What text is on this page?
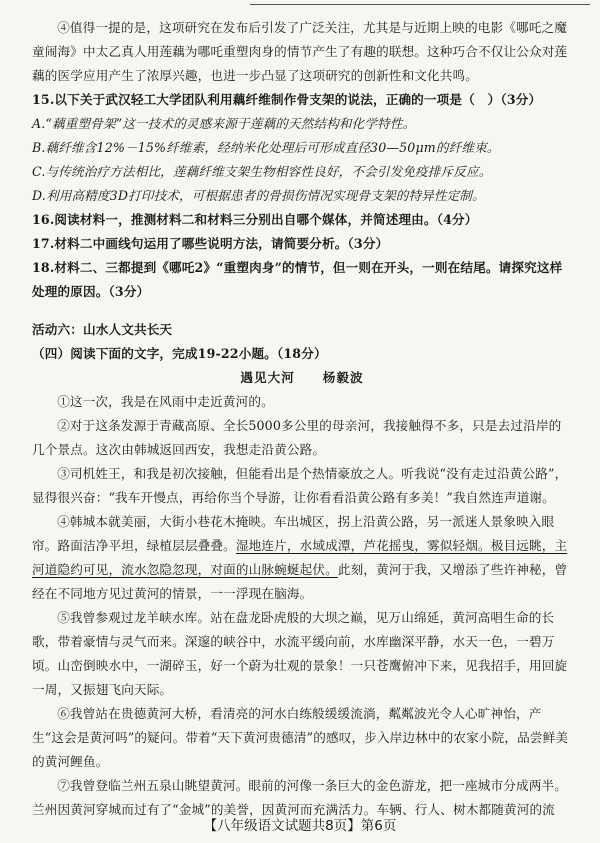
④值得一提的是，这项研究在发布后引发了广泛关注，尤其是与近期上映的电影《哪吒之魔童闹海》中太乙真人用莲藕为哪吒重塑肉身的情节产生了有趣的联想。这种巧合不仅让公众对莲藕的医学应用产生了浓厚兴趣，也进一步凸显了这项研究的创新性和文化共鸣。

15.以下关于武汉轻工大学团队利用藕纤维制作骨支架的说法，正确的一项是（　）（3分）

A.“藕重塑骨架”这一技术的灵感来源于莲藕的天然结构和化学特性。

B.藕纤维含12%－15%纤维素，经纳米化处理后可形成直径30—50μm的纤维束。

C.与传统治疗方法相比，莲藕纤维支架生物相容性良好，不会引发免疫排斥反应。

D.利用高精度3D打印技术，可根据患者的骨损伤情况实现骨支架的特异性定制。

16.阅读材料一，推测材料二和材料三分别出自哪个媒体，并简述理由。（4分）

17.材料二中画线句运用了哪些说明方法，请简要分析。（3分）

18.材料二、三都提到《哪吒2》“重塑肉身”的情节，但一则在开头，一则在结尾。请探究这样处理的原因。（3分）

活动六：山水人文共长天

（四）阅读下面的文字，完成19-22小题。（18分）

遇见大河 杨毅波

①这一次，我是在风雨中走近黄河的。

②对于这条发源于青藏高原、全长5000多公里的母亲河，我接触得不多，只是去过沿岸的几个景点。这次由韩城返回西安，我想走沿黄公路。

③司机姓王，和我是初次接触，但能看出是个热情豪放之人。听我说“没有走过沿黄公路”，显得很兴奋：“我车开慢点，再给你当个导游，让你看看沿黄公路有多美！”我自然连声道谢。

④韩城本就美丽，大街小巷花木掩映。车出城区，拐上沿黄公路，另一派迷人景象映入眼帘。路面洁净平坦，绿植层层叠叠。湿地连片，水域成潭，芦花摇曳，雾似轻烟。极目远眺，主河道隐约可见，流水忽隐忽现，对面的山脉蜿蜒起伏。此刻，黄河于我，又增添了些许神秘，曾经在不同地方见过黄河的情景，一一浮现在脑海。

⑤我曾参观过龙羊峡水库。站在盘龙卧虎般的大坝之巅，见万山绵延，黄河高唱生命的长歌，带着豪情与灵气而来。深邃的峡谷中，水流平缓向前，水库幽深平静，水天一色，一碧万顷。山峦倒映水中，一湖碎玉，好一个蔚为壮观的景象！一只苍鹰俯冲下来，见我招手，用回旋一周，又振翅飞向天际。

⑥我曾站在贵德黄河大桥，看清亮的河水白练般缓缓流淌，粼粼波光令人心旷神怡，产生“这会是黄河吗”的疑问。带着“天下黄河贵德清”的感叹，步入岸边林中的农家小院，品尝鲜美的黄河鲤鱼。

⑦我曾登临兰州五泉山眺望黄河。眼前的河像一条巨大的金色游龙，把一座城市分成两半。兰州因黄河穿城而过有了“金城”的美誉，因黄河而充满活力。车辆、行人、树木都随黄河的流

【八年级语文试题共8页】第6页
